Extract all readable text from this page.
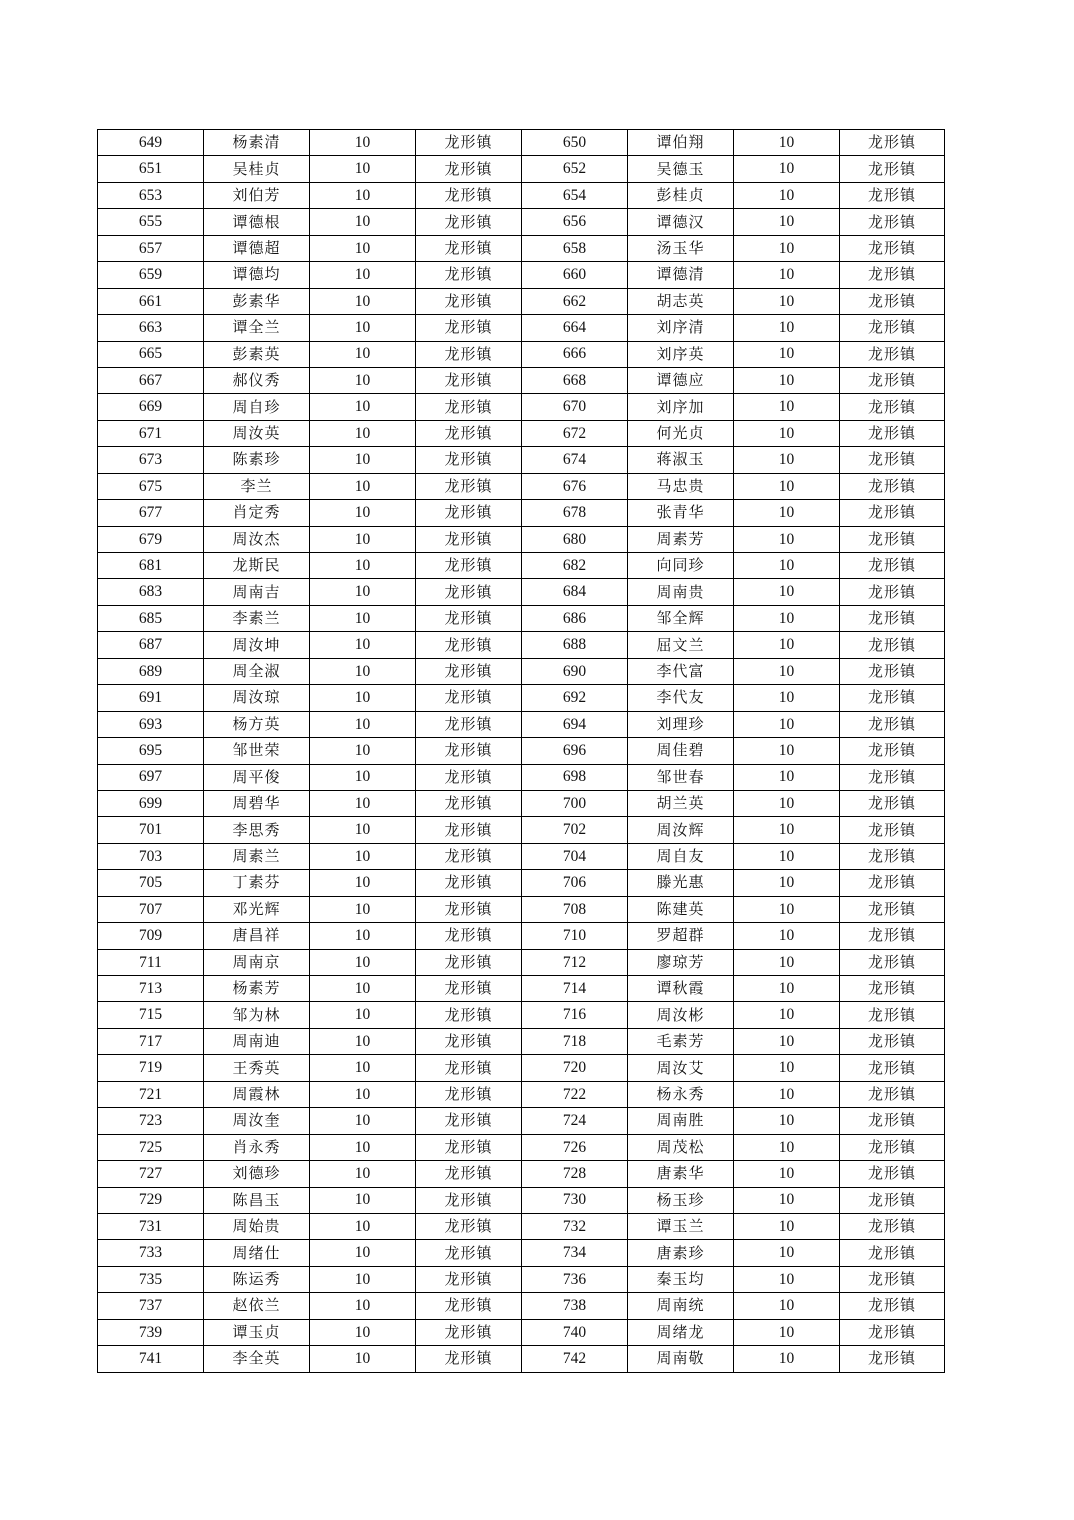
649	杨素清	10	龙形镇	650	谭伯翔	10	龙形镇
651	吴桂贞	10	龙形镇	652	吴德玉	10	龙形镇
653	刘伯芳	10	龙形镇	654	彭桂贞	10	龙形镇
655	谭德根	10	龙形镇	656	谭德汉	10	龙形镇
657	谭德超	10	龙形镇	658	汤玉华	10	龙形镇
659	谭德均	10	龙形镇	660	谭德清	10	龙形镇
661	彭素华	10	龙形镇	662	胡志英	10	龙形镇
663	谭全兰	10	龙形镇	664	刘序清	10	龙形镇
665	彭素英	10	龙形镇	666	刘序英	10	龙形镇
667	郝仪秀	10	龙形镇	668	谭德应	10	龙形镇
669	周自珍	10	龙形镇	670	刘序加	10	龙形镇
671	周汝英	10	龙形镇	672	何光贞	10	龙形镇
673	陈素珍	10	龙形镇	674	蒋淑玉	10	龙形镇
675	李兰	10	龙形镇	676	马忠贵	10	龙形镇
677	肖定秀	10	龙形镇	678	张青华	10	龙形镇
679	周汝杰	10	龙形镇	680	周素芳	10	龙形镇
681	龙斯民	10	龙形镇	682	向同珍	10	龙形镇
683	周南吉	10	龙形镇	684	周南贵	10	龙形镇
685	李素兰	10	龙形镇	686	邹全辉	10	龙形镇
687	周汝坤	10	龙形镇	688	屈文兰	10	龙形镇
689	周全淑	10	龙形镇	690	李代富	10	龙形镇
691	周汝琼	10	龙形镇	692	李代友	10	龙形镇
693	杨方英	10	龙形镇	694	刘理珍	10	龙形镇
695	邹世荣	10	龙形镇	696	周佳碧	10	龙形镇
697	周平俊	10	龙形镇	698	邹世春	10	龙形镇
699	周碧华	10	龙形镇	700	胡兰英	10	龙形镇
701	李思秀	10	龙形镇	702	周汝辉	10	龙形镇
703	周素兰	10	龙形镇	704	周自友	10	龙形镇
705	丁素芬	10	龙形镇	706	滕光惠	10	龙形镇
707	邓光辉	10	龙形镇	708	陈建英	10	龙形镇
709	唐昌祥	10	龙形镇	710	罗超群	10	龙形镇
711	周南京	10	龙形镇	712	廖琼芳	10	龙形镇
713	杨素芳	10	龙形镇	714	谭秋霞	10	龙形镇
715	邹为林	10	龙形镇	716	周汝彬	10	龙形镇
717	周南迪	10	龙形镇	718	毛素芳	10	龙形镇
719	王秀英	10	龙形镇	720	周汝艾	10	龙形镇
721	周霞林	10	龙形镇	722	杨永秀	10	龙形镇
723	周汝奎	10	龙形镇	724	周南胜	10	龙形镇
725	肖永秀	10	龙形镇	726	周茂松	10	龙形镇
727	刘德珍	10	龙形镇	728	唐素华	10	龙形镇
729	陈昌玉	10	龙形镇	730	杨玉珍	10	龙形镇
731	周始贵	10	龙形镇	732	谭玉兰	10	龙形镇
733	周绪仕	10	龙形镇	734	唐素珍	10	龙形镇
735	陈运秀	10	龙形镇	736	秦玉均	10	龙形镇
737	赵依兰	10	龙形镇	738	周南统	10	龙形镇
739	谭玉贞	10	龙形镇	740	周绪龙	10	龙形镇
741	李全英	10	龙形镇	742	周南敬	10	龙形镇
